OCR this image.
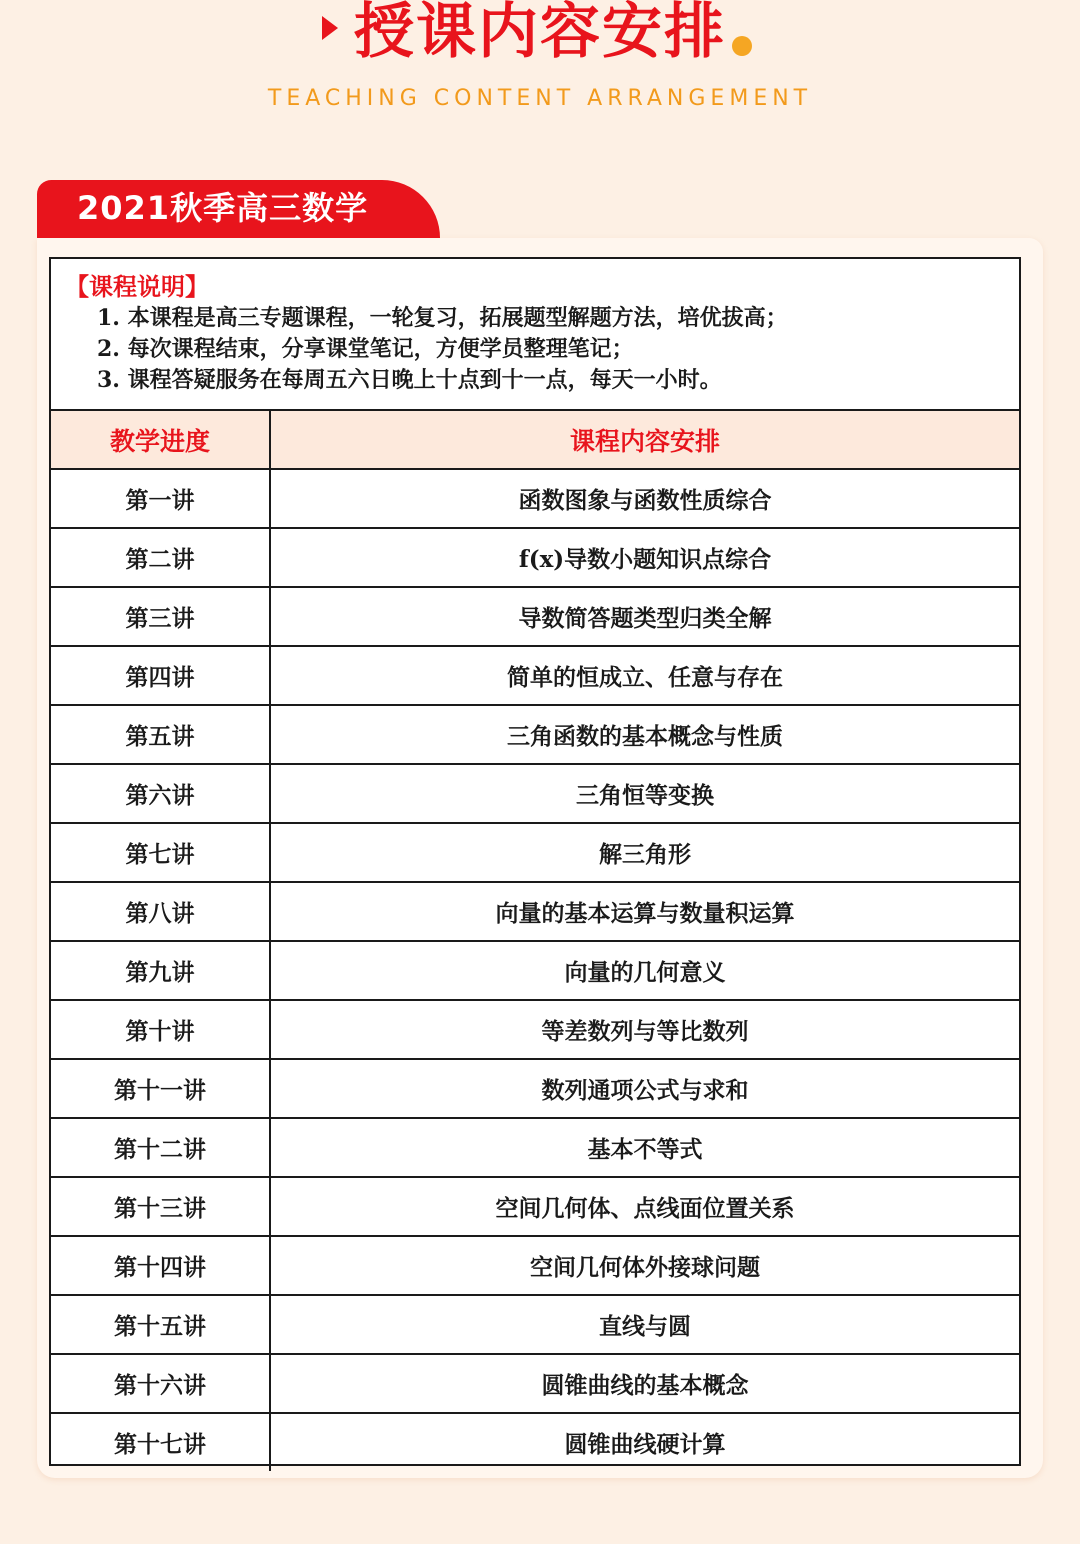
授课内容安排
TEACHING CONTENT ARRANGEMENT
2021秋季高三数学
【课程说明】
1. 本课程是高三专题课程，一轮复习，拓展题型解题方法，培优拔高；
2. 每次课程结束，分享课堂笔记，方便学员整理笔记；
3. 课程答疑服务在每周五六日晚上十点到十一点，每天一小时。
教学进度	课程内容安排
第一讲	函数图象与函数性质综合
第二讲	f(x)导数小题知识点综合
第三讲	导数简答题类型归类全解
第四讲	简单的恒成立、任意与存在
第五讲	三角函数的基本概念与性质
第六讲	三角恒等变换
第七讲	解三角形
第八讲	向量的基本运算与数量积运算
第九讲	向量的几何意义
第十讲	等差数列与等比数列
第十一讲	数列通项公式与求和
第十二讲	基本不等式
第十三讲	空间几何体、点线面位置关系
第十四讲	空间几何体外接球问题
第十五讲	直线与圆
第十六讲	圆锥曲线的基本概念
第十七讲	圆锥曲线硬计算
